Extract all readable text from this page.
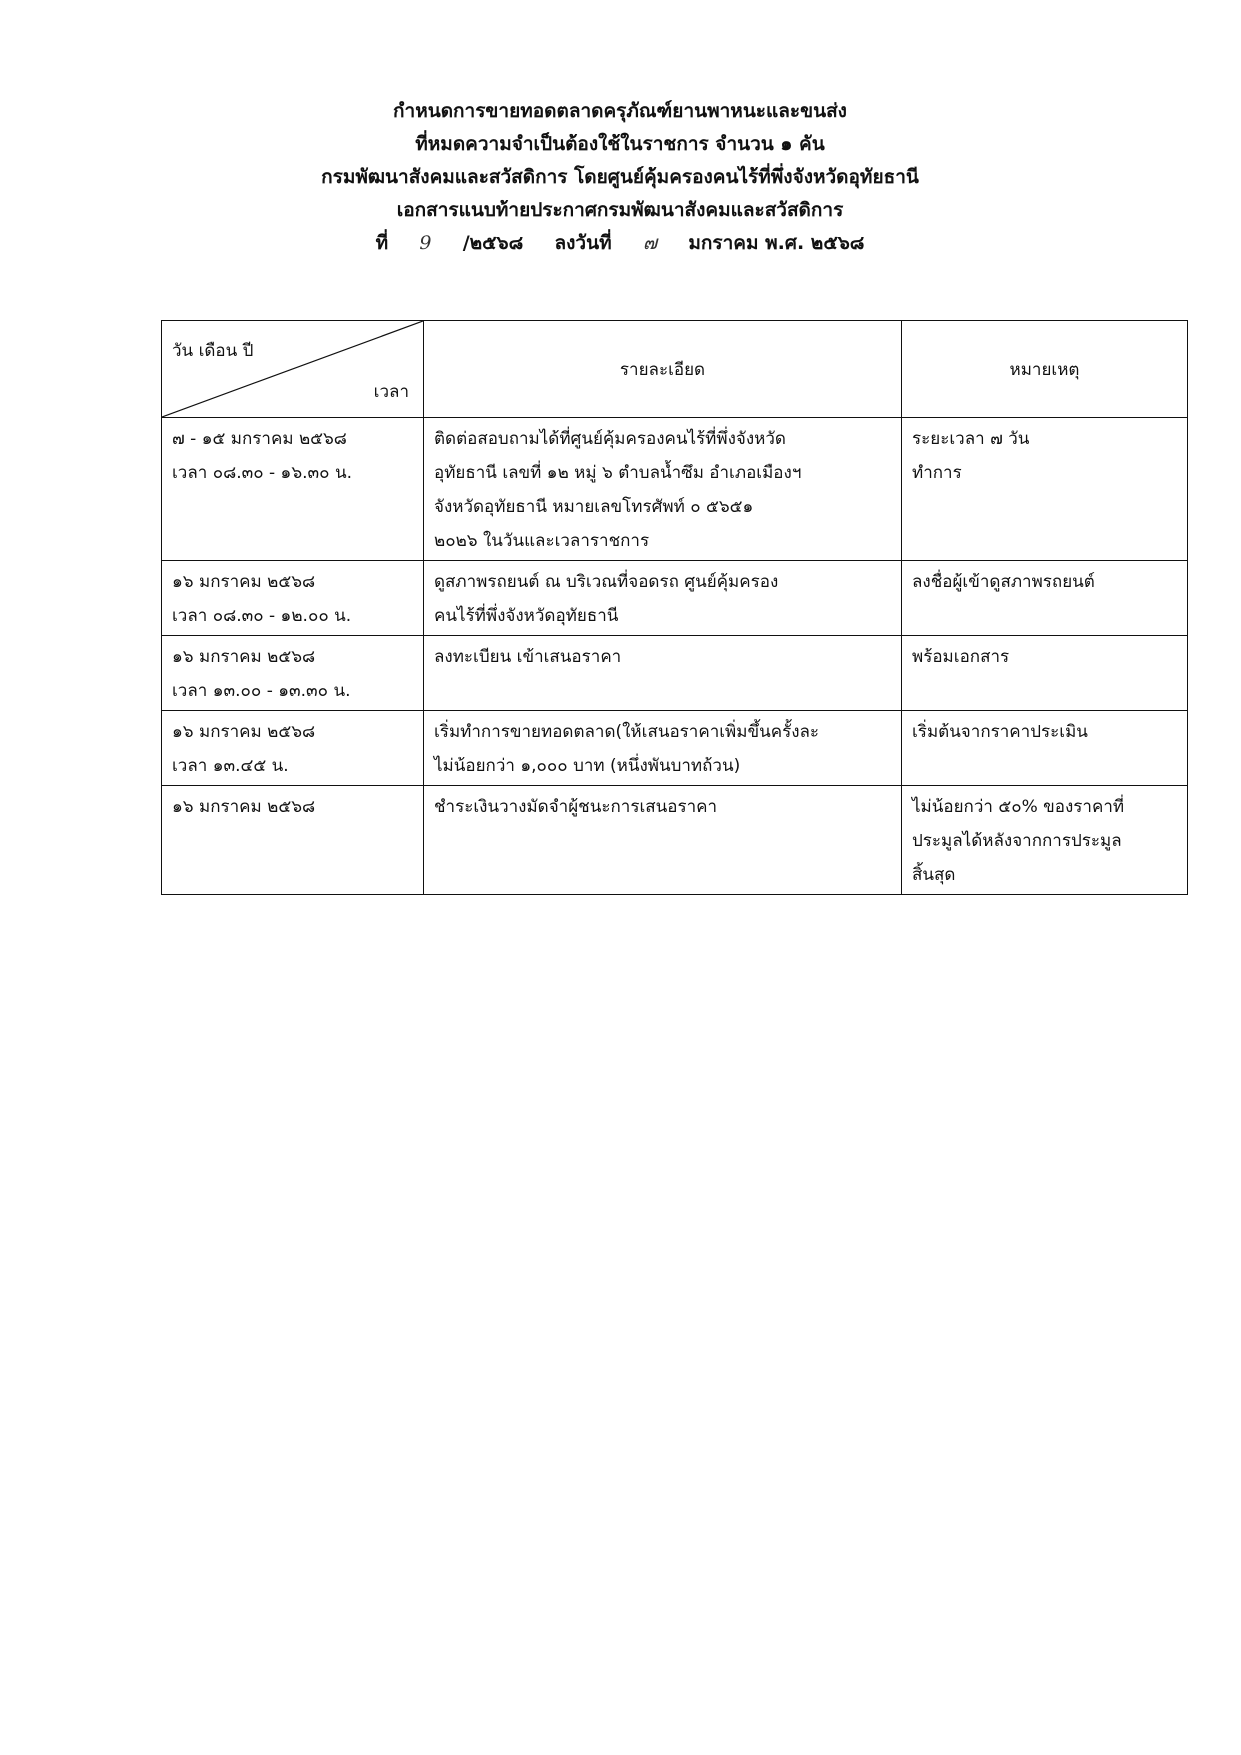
กำหนดการขายทอดตลาดครุภัณฑ์ยานพาหนะและขนส่ง
ที่หมดความจำเป็นต้องใช้ในราชการ จำนวน ๑ คัน
กรมพัฒนาสังคมและสวัสดิการ โดยศูนย์คุ้มครองคนไร้ที่พึ่งจังหวัดอุทัยธานี
เอกสารแนบท้ายประกาศกรมพัฒนาสังคมและสวัสดิการ
ที่ 9 /๒๕๖๘ ลงวันที่ ๗ มกราคม พ.ศ. ๒๕๖๘
วัน เดือน ปี
เวลา	รายละเอียด	หมายเหตุ

๗ - ๑๕ มกราคม ๒๕๖๘
เวลา ๐๘.๓๐ - ๑๖.๓๐ น.	ติดต่อสอบถามได้ที่ศูนย์คุ้มครองคนไร้ที่พึ่งจังหวัด
อุทัยธานี เลขที่ ๑๒ หมู่ ๖ ตำบลน้ำซึม อำเภอเมืองฯ
จังหวัดอุทัยธานี หมายเลขโทรศัพท์ ๐ ๕๖๕๑
๒๐๒๖ ในวันและเวลาราชการ	ระยะเวลา ๗ วัน
ทำการ

๑๖ มกราคม ๒๕๖๘
เวลา ๐๘.๓๐ - ๑๒.๐๐ น.	ดูสภาพรถยนต์ ณ บริเวณที่จอดรถ ศูนย์คุ้มครอง
คนไร้ที่พึ่งจังหวัดอุทัยธานี	ลงชื่อผู้เข้าดูสภาพรถยนต์

๑๖ มกราคม ๒๕๖๘
เวลา ๑๓.๐๐ - ๑๓.๓๐ น.	ลงทะเบียน เข้าเสนอราคา	พร้อมเอกสาร

๑๖ มกราคม ๒๕๖๘
เวลา ๑๓.๔๕ น.	เริ่มทำการขายทอดตลาด(ให้เสนอราคาเพิ่มขึ้นครั้งละ
ไม่น้อยกว่า ๑,๐๐๐ บาท (หนึ่งพันบาทถ้วน)	เริ่มต้นจากราคาประเมิน

๑๖ มกราคม ๒๕๖๘	ชำระเงินวางมัดจำผู้ชนะการเสนอราคา	ไม่น้อยกว่า ๕๐% ของราคาที่
ประมูลได้หลังจากการประมูล
สิ้นสุด
